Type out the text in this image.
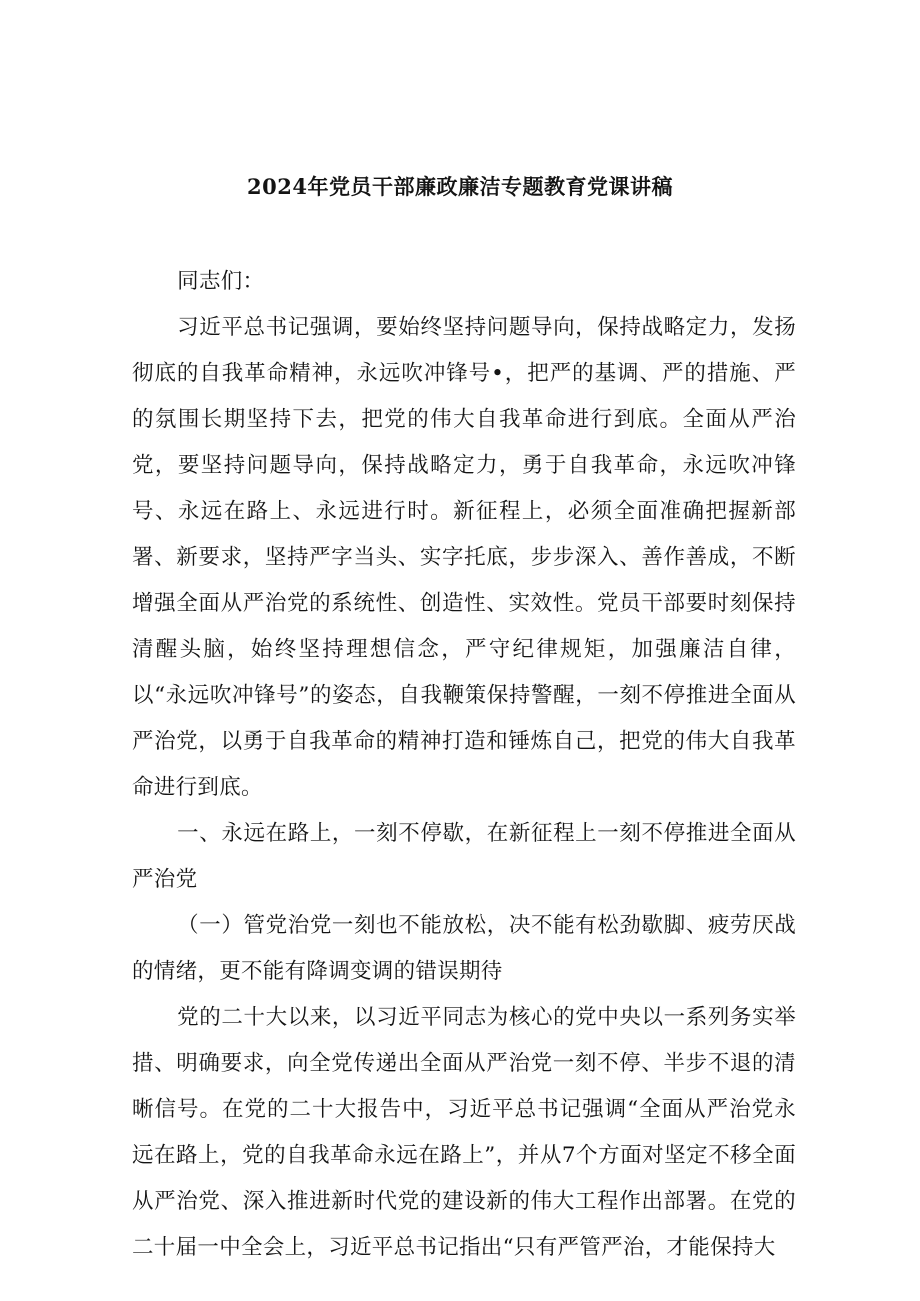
2024年党员干部廉政廉洁专题教育党课讲稿

同志们：

习近平总书记强调，要始终坚持问题导向，保持战略定力，发扬彻底的自我革命精神，永远吹冲锋号•，把严的基调、严的措施、严的氛围长期坚持下去，把党的伟大自我革命进行到底。全面从严治党，要坚持问题导向，保持战略定力，勇于自我革命，永远吹冲锋号、永远在路上、永远进行时。新征程上，必须全面准确把握新部署、新要求，坚持严字当头、实字托底，步步深入、善作善成，不断增强全面从严治党的系统性、创造性、实效性。党员干部要时刻保持清醒头脑，始终坚持理想信念，严守纪律规矩，加强廉洁自律，以“永远吹冲锋号”的姿态，自我鞭策保持警醒，一刻不停推进全面从严治党，以勇于自我革命的精神打造和锤炼自己，把党的伟大自我革命进行到底。

一、永远在路上，一刻不停歇，在新征程上一刻不停推进全面从严治党

（一）管党治党一刻也不能放松，决不能有松劲歇脚、疲劳厌战的情绪，更不能有降调变调的错误期待

党的二十大以来，以习近平同志为核心的党中央以一系列务实举措、明确要求，向全党传递出全面从严治党一刻不停、半步不退的清晰信号。在党的二十大报告中，习近平总书记强调“全面从严治党永远在路上，党的自我革命永远在路上”，并从7个方面对坚定不移全面从严治党、深入推进新时代党的建设新的伟大工程作出部署。在党的二十届一中全会上，习近平总书记指出“只有严管严治，才能保持大
